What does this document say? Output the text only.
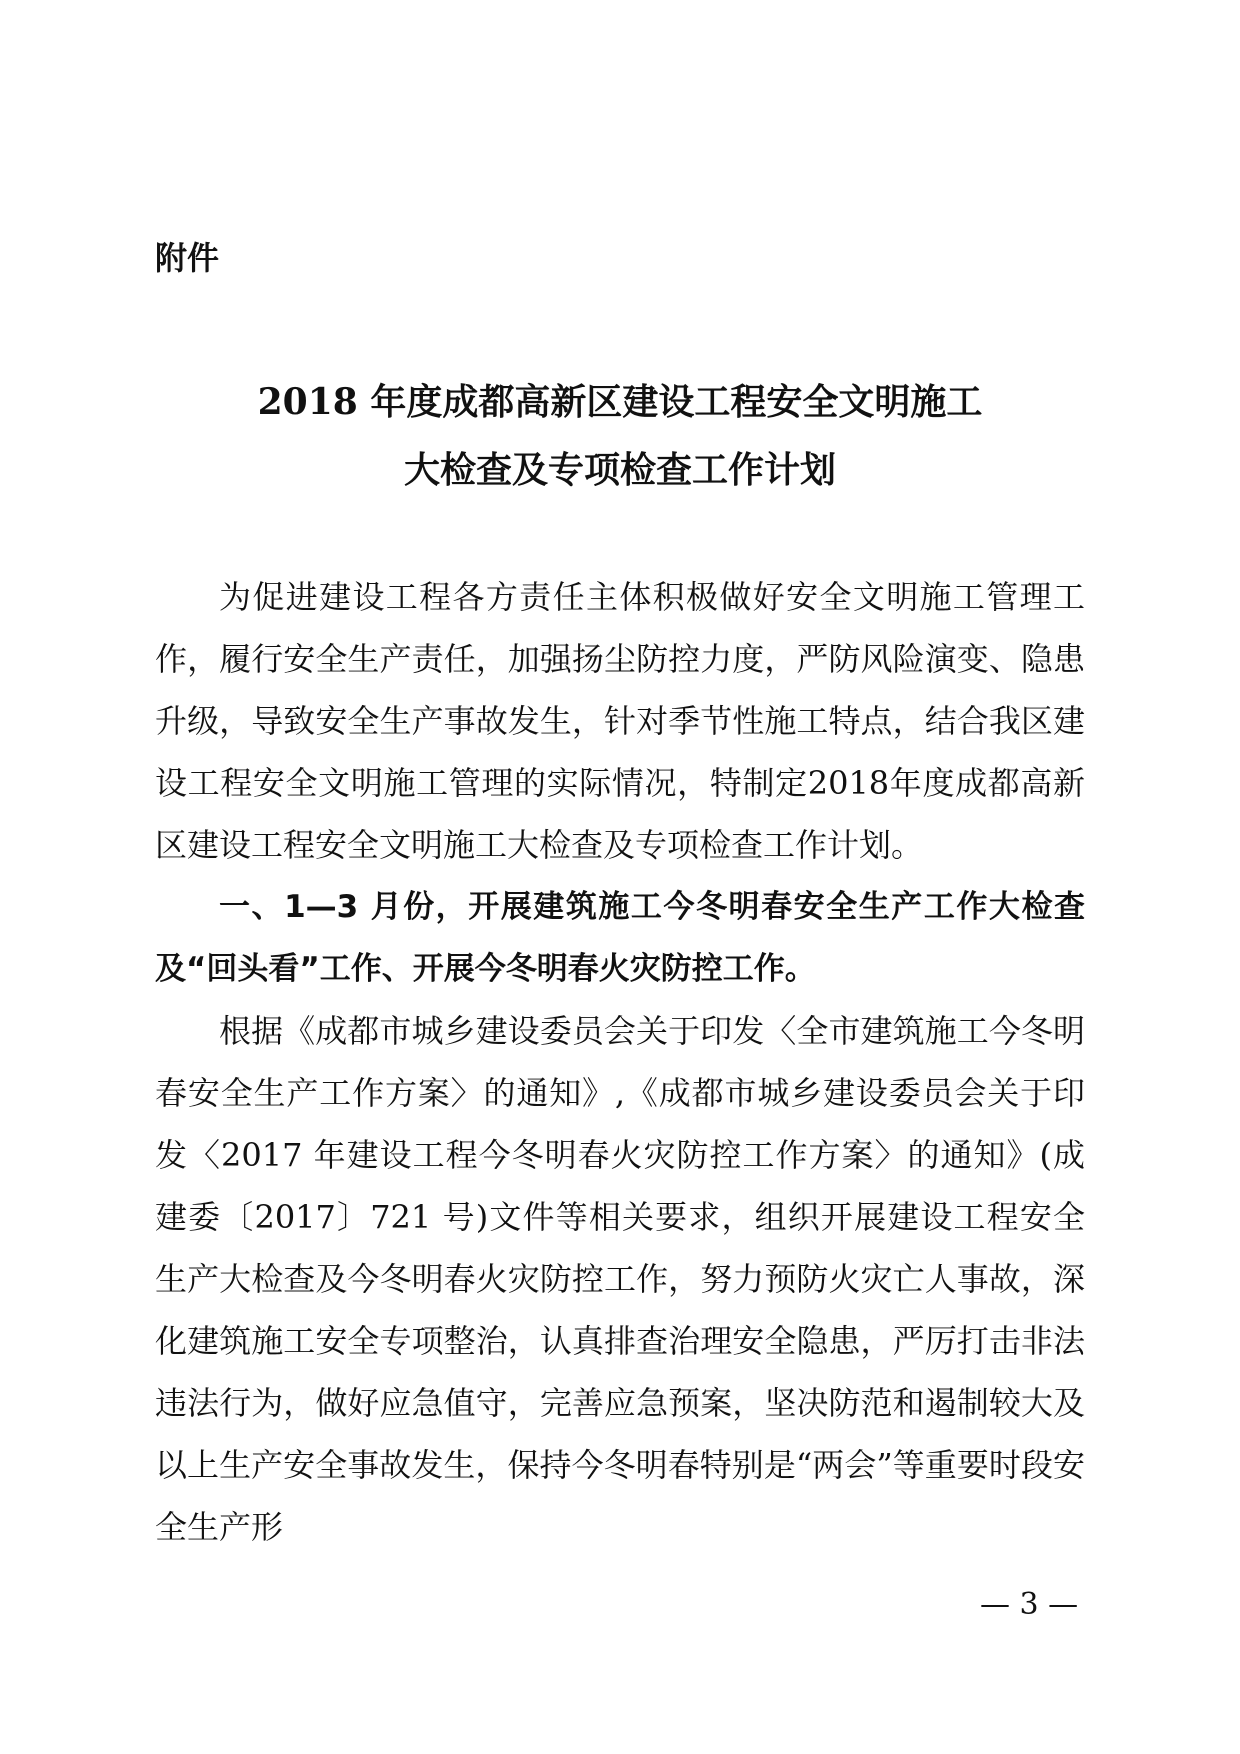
附件
2018 年度成都高新区建设工程安全文明施工
大检查及专项检查工作计划

为促进建设工程各方责任主体积极做好安全文明施工管理工作，履行安全生产责任，加强扬尘防控力度，严防风险演变、隐患升级，导致安全生产事故发生，针对季节性施工特点，结合我区建设工程安全文明施工管理的实际情况，特制定2018年度成都高新区建设工程安全文明施工大检查及专项检查工作计划。

一、1—3 月份，开展建筑施工今冬明春安全生产工作大检查及“回头看”工作、开展今冬明春火灾防控工作。

根据《成都市城乡建设委员会关于印发〈全市建筑施工今冬明春安全生产工作方案〉的通知》,《成都市城乡建设委员会关于印发〈2017 年建设工程今冬明春火灾防控工作方案〉的通知》(成建委〔2017〕721 号)文件等相关要求，组织开展建设工程安全生产大检查及今冬明春火灾防控工作，努力预防火灾亡人事故，深化建筑施工安全专项整治，认真排查治理安全隐患，严厉打击非法违法行为，做好应急值守，完善应急预案，坚决防范和遏制较大及以上生产安全事故发生，保持今冬明春特别是“两会”等重要时段安全生产形

— 3 —
